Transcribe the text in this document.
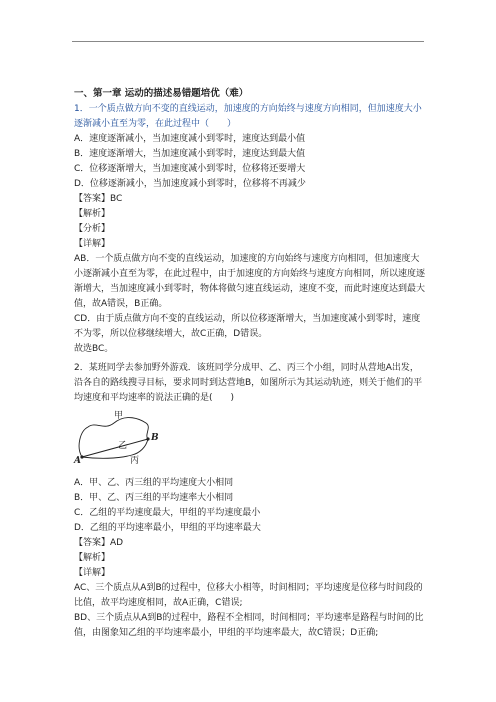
一、第一章 运动的描述易错题培优（难）
1．一个质点做方向不变的直线运动，加速度的方向始终与速度方向相同，但加速度大小逐渐减小直至为零，在此过程中（　　）
A．速度逐渐减小，当加速度减小到零时，速度达到最小值
B．速度逐渐增大，当加速度减小到零时，速度达到最大值
C．位移逐渐增大，当加速度减小到零时，位移将还要增大
D．位移逐渐减小，当加速度减小到零时，位移将不再减少
【答案】BC
【解析】
【分析】
【详解】
AB．一个质点做方向不变的直线运动，加速度的方向始终与速度方向相同，但加速度大小逐渐减小直至为零，在此过程中，由于加速度的方向始终与速度方向相同，所以速度逐渐增大，当加速度减小到零时，物体将做匀速直线运动，速度不变，而此时速度达到最大值，故A错误，B正确。
CD．由于质点做方向不变的直线运动，所以位移逐渐增大，当加速度减小到零时，速度不为零，所以位移继续增大，故C正确，D错误。
故选BC。
2．某班同学去参加野外游戏．该班同学分成甲、乙、丙三个小组，同时从营地A出发，沿各自的路线搜寻目标，要求同时到达营地B，如图所示为其运动轨迹，则关于他们的平均速度和平均速率的说法正确的是(　　)
甲
乙
丙
A
B
A．甲、乙、丙三组的平均速度大小相同
B．甲、乙、丙三组的平均速率大小相同
C．乙组的平均速度最大，甲组的平均速度最小
D．乙组的平均速率最小，甲组的平均速率最大
【答案】AD
【解析】
【详解】
AC、三个质点从A到B的过程中，位移大小相等，时间相同；平均速度是位移与时间段的比值，故平均速度相同，故A正确，C错误;
BD、三个质点从A到B的过程中，路程不全相同，时间相同；平均速率是路程与时间的比值，由图象知乙组的平均速率最小，甲组的平均速率最大，故C错误；D正确;
